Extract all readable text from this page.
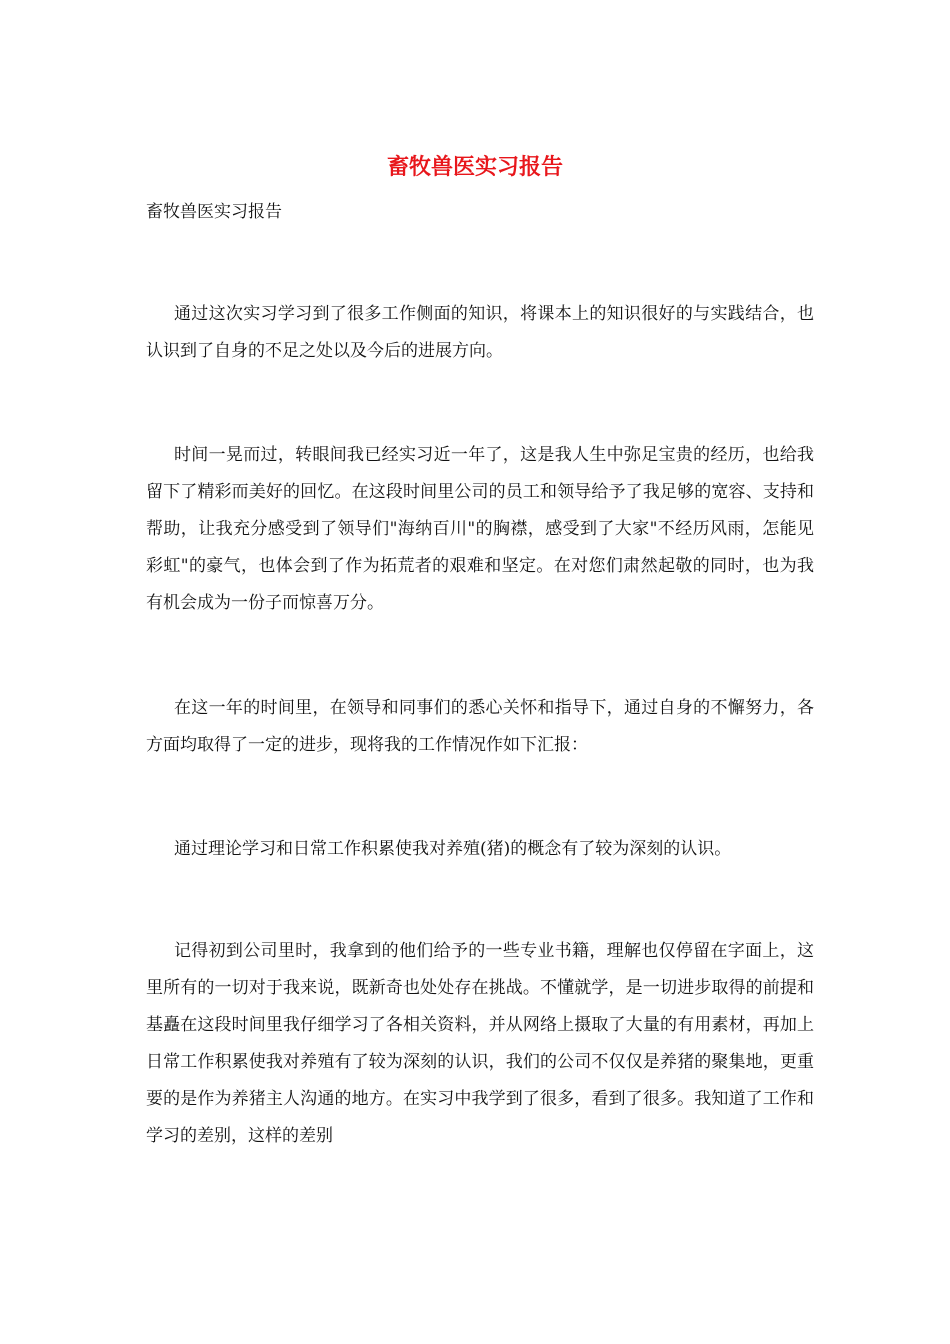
畜牧兽医实习报告
畜牧兽医实习报告

通过这次实习学习到了很多工作侧面的知识，将课本上的知识很好的与实践结合，也认识到了自身的不足之处以及今后的进展方向。

时间一晃而过，转眼间我已经实习近一年了，这是我人生中弥足宝贵的经历，也给我留下了精彩而美好的回忆。在这段时间里公司的员工和领导给予了我足够的宽容、支持和帮助，让我充分感受到了领导们"海纳百川"的胸襟，感受到了大家"不经历风雨，怎能见彩虹"的豪气，也体会到了作为拓荒者的艰难和坚定。在对您们肃然起敬的同时，也为我有机会成为一份子而惊喜万分。

在这一年的时间里，在领导和同事们的悉心关怀和指导下，通过自身的不懈努力，各方面均取得了一定的进步，现将我的工作情况作如下汇报：

通过理论学习和日常工作积累使我对养殖(猪)的概念有了较为深刻的认识。

记得初到公司里时，我拿到的他们给予的一些专业书籍，理解也仅停留在字面上，这里所有的一切对于我来说，既新奇也处处存在挑战。不懂就学，是一切进步取得的前提和基矗在这段时间里我仔细学习了各相关资料，并从网络上摄取了大量的有用素材，再加上日常工作积累使我对养殖有了较为深刻的认识，我们的公司不仅仅是养猪的聚集地，更重要的是作为养猪主人沟通的地方。在实习中我学到了很多，看到了很多。我知道了工作和学习的差别，这样的差别
